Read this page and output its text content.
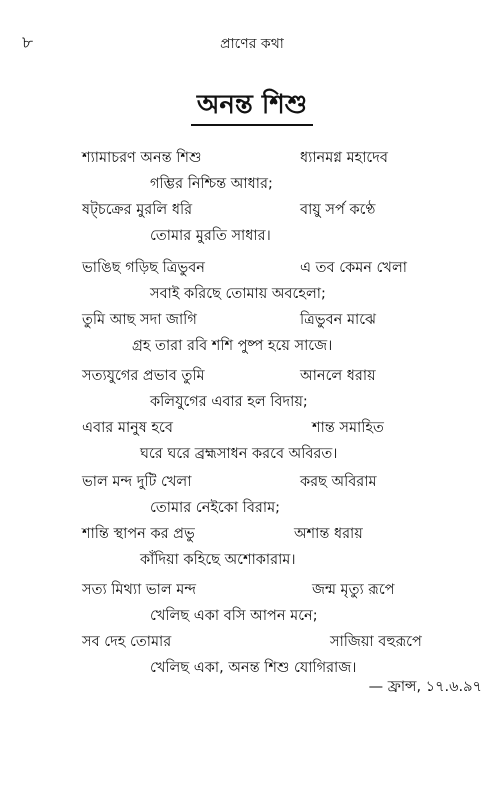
৮	প্রাণের কথা
অনন্ত শিশু
শ্যামাচরণ অনন্ত শিশু	ধ্যানমগ্ন মহাদেব
গম্ভির নিশ্চিন্ত আধার;
ষট্‌চক্রের মুরলি ধরি	বায়ু সর্প কণ্ঠে
তোমার মুরতি সাধার।
ভাঙিছ গড়িছ ত্রিভুবন	এ তব কেমন খেলা
সবাই করিছে তোমায় অবহেলা;
তুমি আছ সদা জাগি	ত্রিভুবন মাঝে
গ্রহ তারা রবি শশি পুষ্প হয়ে সাজে।
সত্যযুগের প্রভাব তুমি	আনলে ধরায়
কলিযুগের এবার হল বিদায়;
এবার মানুষ হবে	শান্ত সমাহিত
ঘরে ঘরে ব্রহ্মসাধন করবে অবিরত।
ভাল মন্দ দুটি খেলা	করছ অবিরাম
তোমার নেইকো বিরাম;
শান্তি স্থাপন কর প্রভু	অশান্ত ধরায়
কাঁদিয়া কহিছে অশোকারাম।
সত্য মিথ্যা ভাল মন্দ	জন্ম মৃত্যু রূপে
খেলিছ একা বসি আপন মনে;
সব দেহ তোমার	সাজিয়া বহুরূপে
খেলিছ একা, অনন্ত শিশু যোগিরাজ।
— ফ্রান্স, ১৭.৬.৯৭
